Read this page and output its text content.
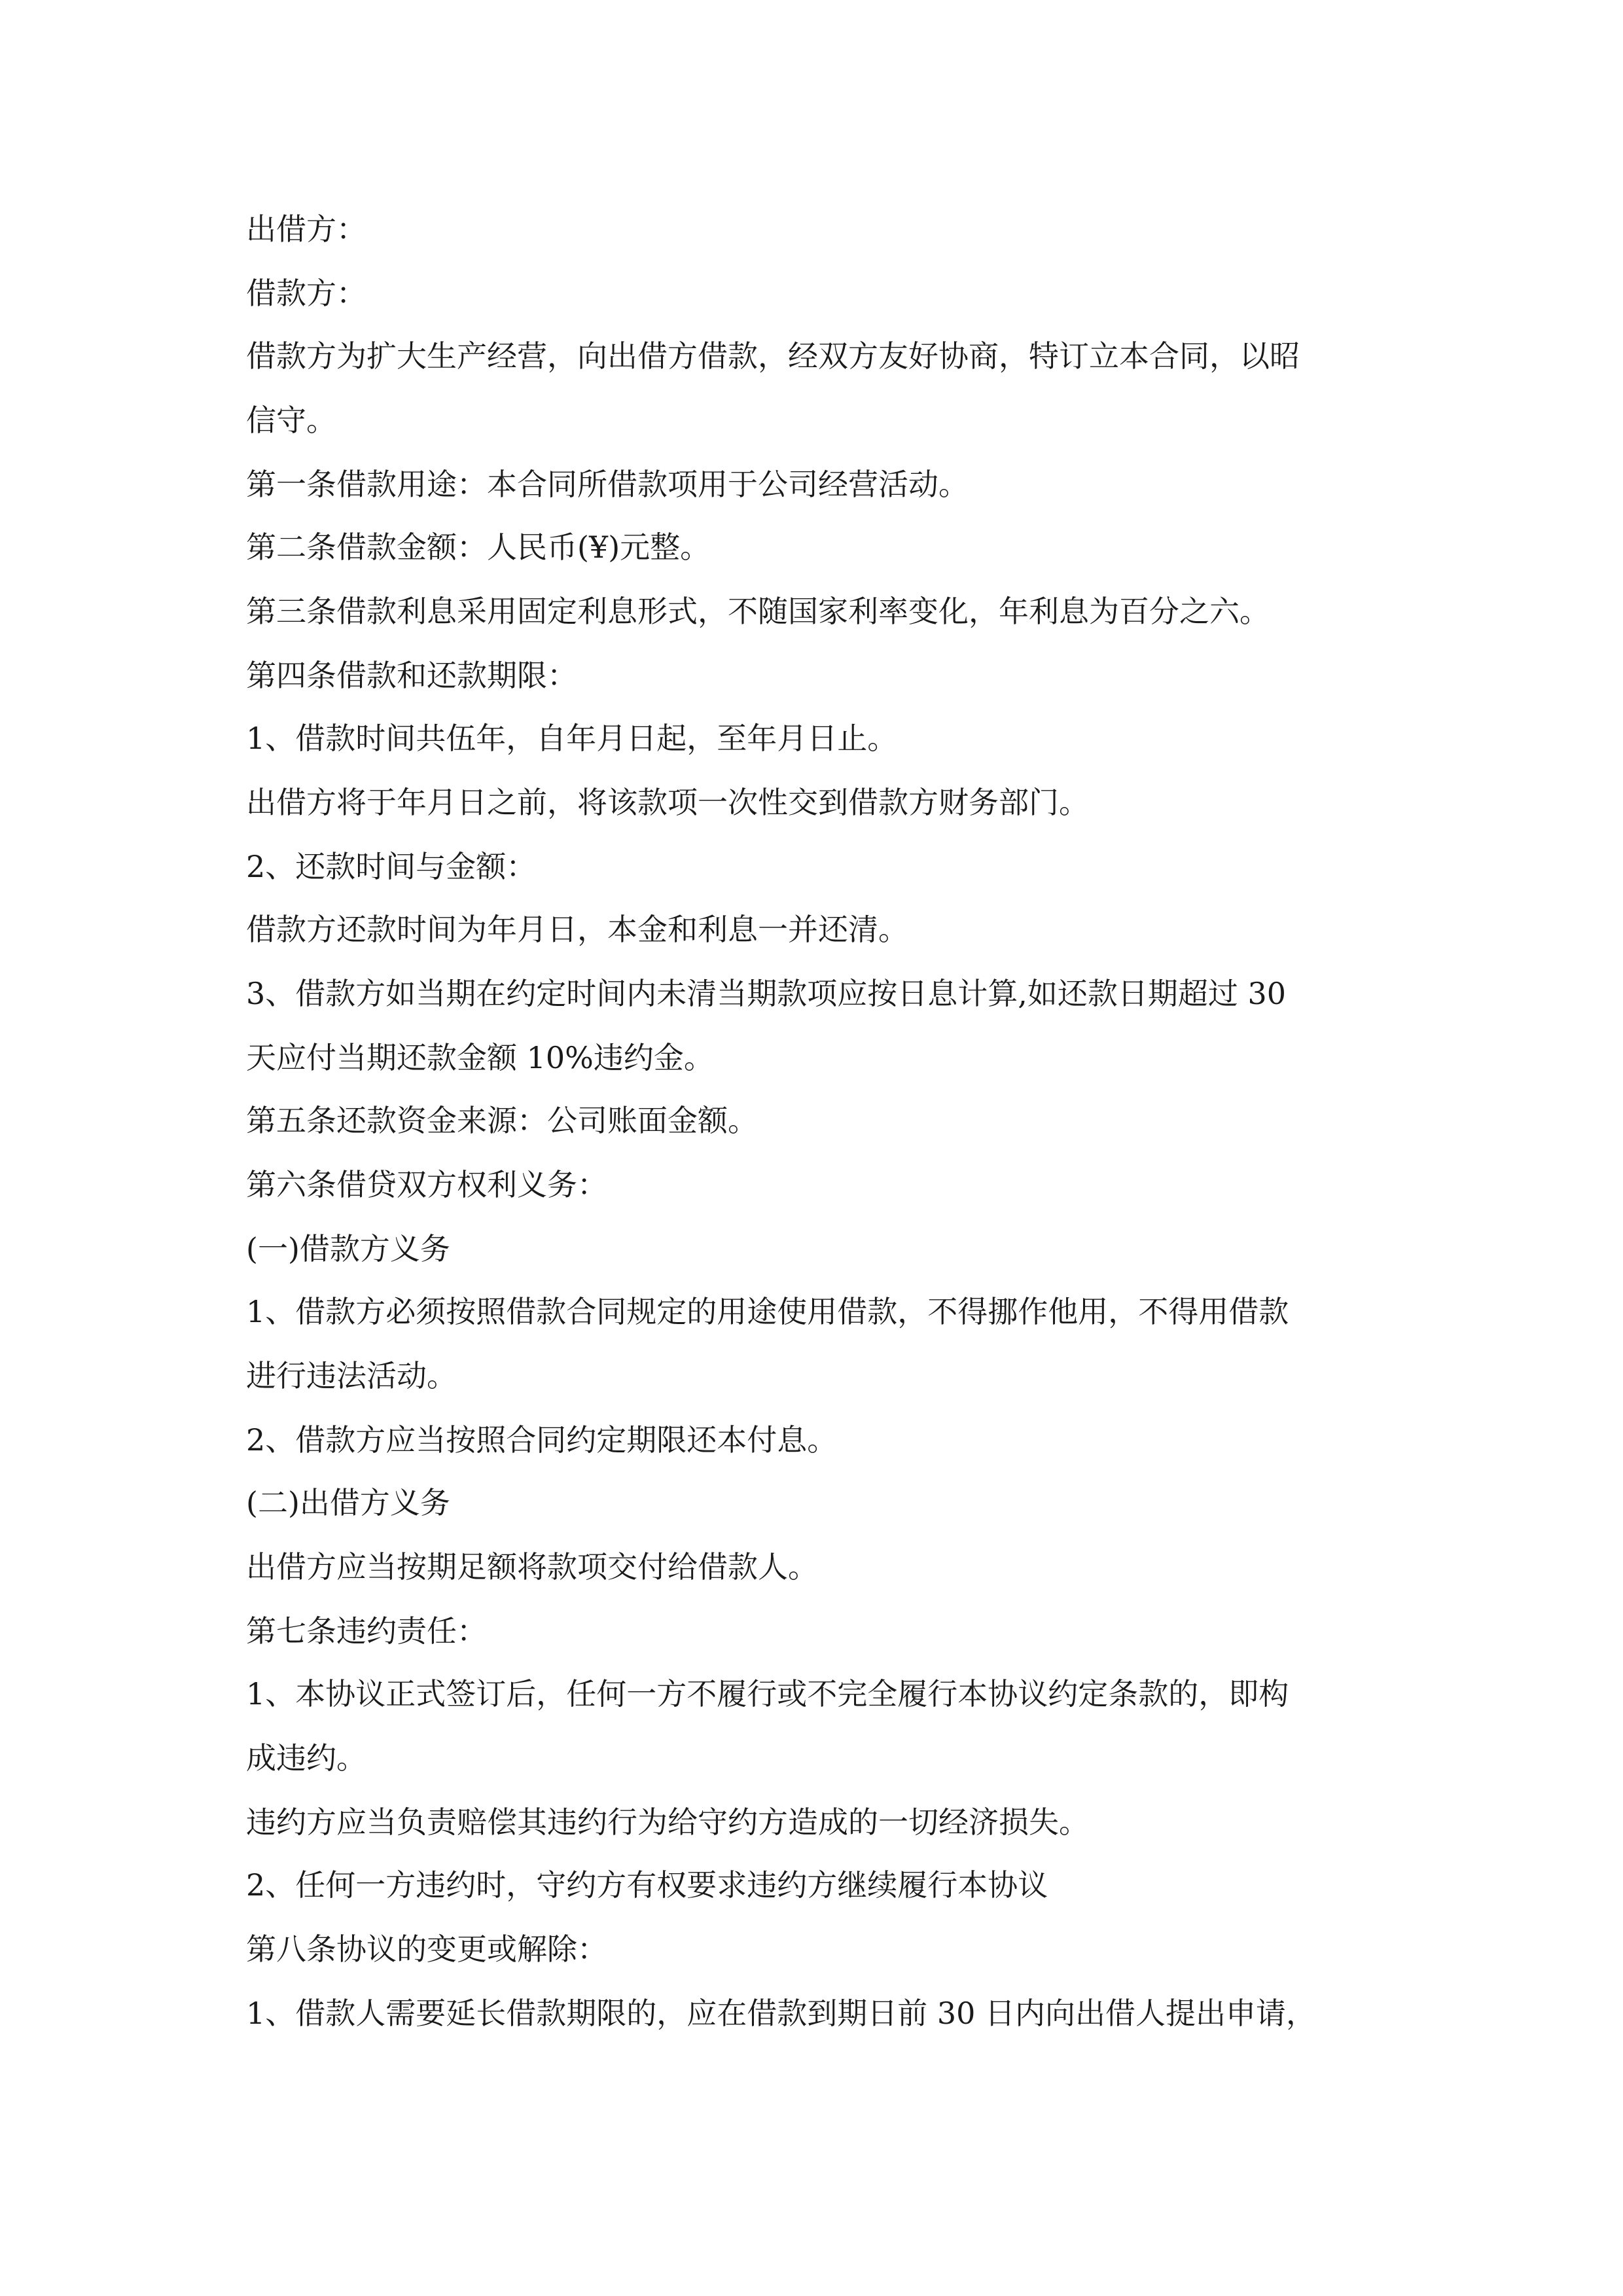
出借方：

借款方：

借款方为扩大生产经营，向出借方借款，经双方友好协商，特订立本合同，以昭

信守。

第一条借款用途：本合同所借款项用于公司经营活动。

第二条借款金额：人民币(¥)元整。

第三条借款利息采用固定利息形式，不随国家利率变化，年利息为百分之六。

第四条借款和还款期限：

1、借款时间共伍年，自年月日起，至年月日止。

出借方将于年月日之前，将该款项一次性交到借款方财务部门。

2、还款时间与金额：

借款方还款时间为年月日，本金和利息一并还清。

3、借款方如当期在约定时间内未清当期款项应按日息计算,如还款日期超过 30

天应付当期还款金额 10%违约金。

第五条还款资金来源：公司账面金额。

第六条借贷双方权利义务：

(一)借款方义务

1、借款方必须按照借款合同规定的用途使用借款，不得挪作他用，不得用借款

进行违法活动。

2、借款方应当按照合同约定期限还本付息。

(二)出借方义务

出借方应当按期足额将款项交付给借款人。

第七条违约责任：

1、本协议正式签订后，任何一方不履行或不完全履行本协议约定条款的，即构

成违约。

违约方应当负责赔偿其违约行为给守约方造成的一切经济损失。

2、任何一方违约时，守约方有权要求违约方继续履行本协议

第八条协议的变更或解除：

1、借款人需要延长借款期限的，应在借款到期日前 30 日内向出借人提出申请，
